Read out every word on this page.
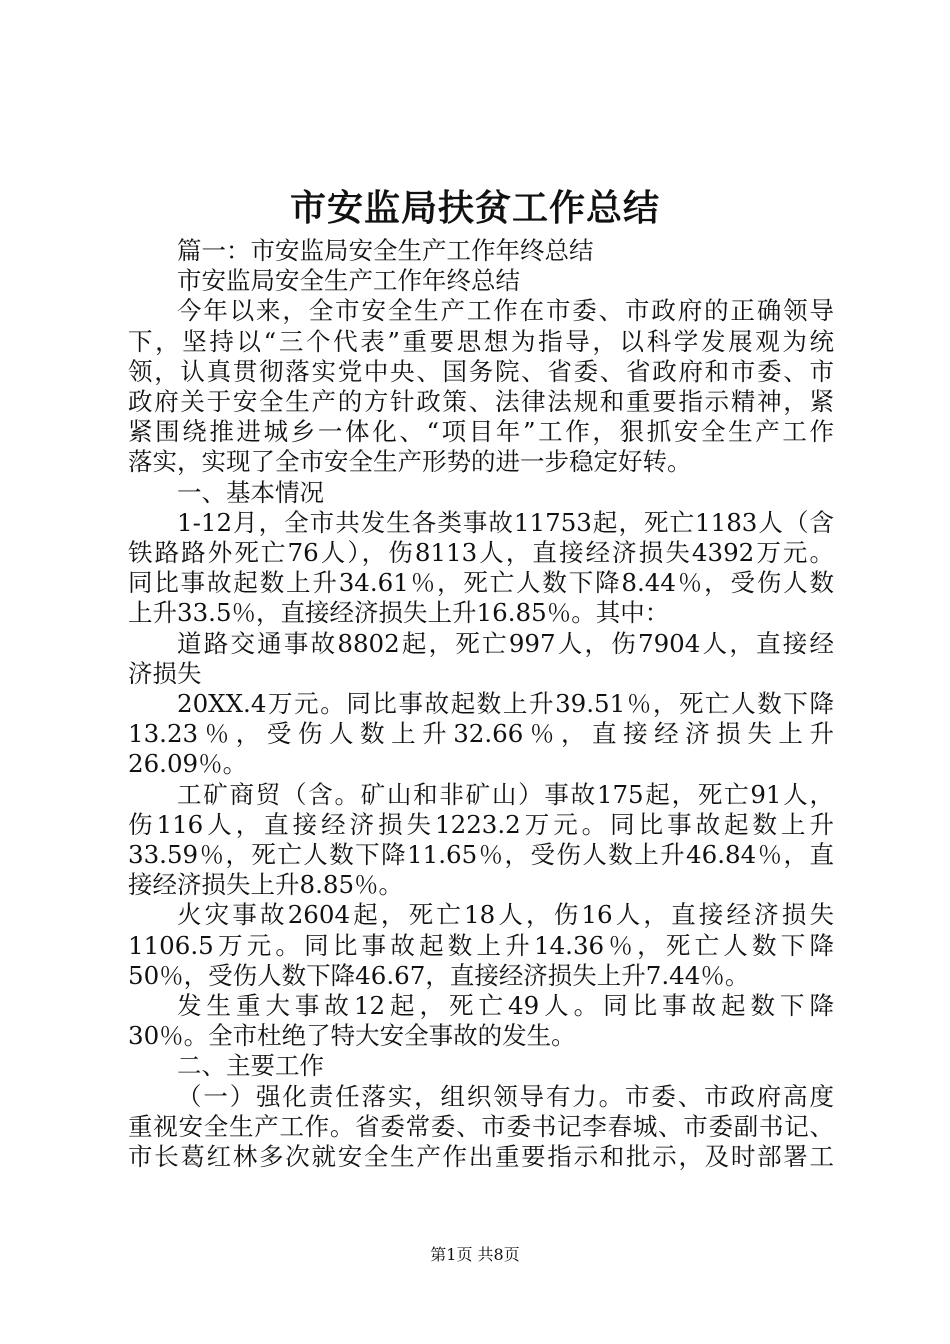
市安监局扶贫工作总结

篇一：市安监局安全生产工作年终总结

市安监局安全生产工作年终总结

今年以来，全市安全生产工作在市委、市政府的正确领导

下，坚持以“三个代表”重要思想为指导，以科学发展观为统

领，认真贯彻落实党中央、国务院、省委、省政府和市委、市

政府关于安全生产的方针政策、法律法规和重要指示精神，紧

紧围绕推进城乡一体化、“项目年”工作，狠抓安全生产工作

落实，实现了全市安全生产形势的进一步稳定好转。

一、基本情况

1-12月，全市共发生各类事故11753起，死亡1183人（含

铁路路外死亡76人），伤8113人，直接经济损失4392万元。

同比事故起数上升34.61％，死亡人数下降8.44％，受伤人数

上升33.5％，直接经济损失上升16.85％。其中：

道路交通事故8802起，死亡997人，伤7904人，直接经

济损失

20XX.4万元。同比事故起数上升39.51％，死亡人数下降

13.23％，受伤人数上升32.66％，直接经济损失上升

26.09％。

工矿商贸（含。矿山和非矿山）事故175起，死亡91人，

伤116人，直接经济损失1223.2万元。同比事故起数上升

33.59％，死亡人数下降11.65％，受伤人数上升46.84％，直

接经济损失上升8.85％。

火灾事故2604起，死亡18人，伤16人，直接经济损失

1106.5万元。同比事故起数上升14.36％，死亡人数下降

50％，受伤人数下降46.67，直接经济损失上升7.44％。

发生重大事故12起，死亡49人。同比事故起数下降

30％。全市杜绝了特大安全事故的发生。

二、主要工作

（一）强化责任落实，组织领导有力。市委、市政府高度

重视安全生产工作。省委常委、市委书记李春城、市委副书记、

市长葛红林多次就安全生产作出重要指示和批示，及时部署工

第1页 共8页
